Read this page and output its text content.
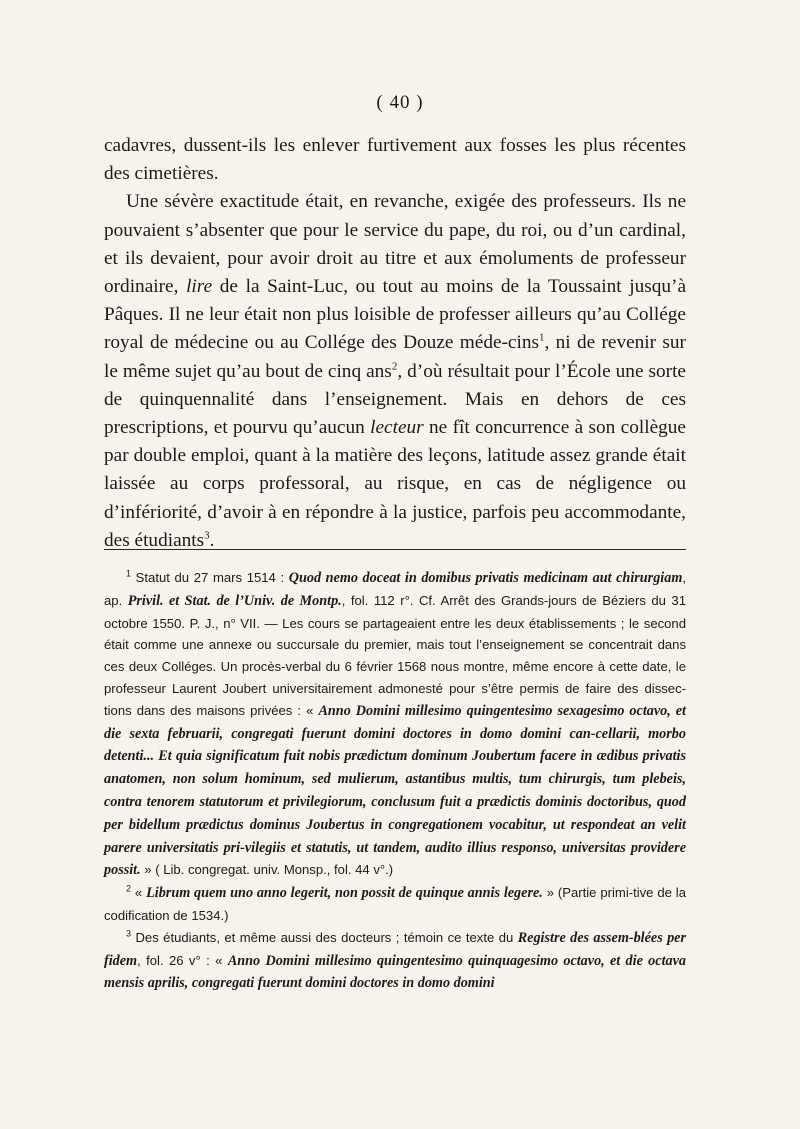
( 40 )

cadavres, dussent-ils les enlever furtivement aux fosses les plus récentes des cimetières.

Une sévère exactitude était, en revanche, exigée des professeurs. Ils ne pouvaient s’absenter que pour le service du pape, du roi, ou d’un cardinal, et ils devaient, pour avoir droit au titre et aux émoluments de professeur ordinaire, lire de la Saint-Luc, ou tout au moins de la Toussaint jusqu’à Pâques. Il ne leur était non plus loisible de professer ailleurs qu’au Collége royal de médecine ou au Collége des Douze méde-cins$^1$, ni de revenir sur le même sujet qu’au bout de cinq ans$^2$, d’où résultait pour l’École une sorte de quinquennalité dans l’enseignement. Mais en dehors de ces prescriptions, et pourvu qu’aucun lecteur ne fît concurrence à son collègue par double emploi, quant à la matière des leçons, latitude assez grande était laissée au corps professoral, au risque, en cas de négligence ou d’infériorité, d’avoir à en répondre à la justice, parfois peu accommodante, des étudiants$^3$.

$^1$ Statut du 27 mars 1514 : Quod nemo doceat in domibus privatis medicinam aut chirurgiam, ap. Privil. et Stat. de l’Univ. de Montp., fol. 112 r°. Cf. Arrêt des Grands-jours de Béziers du 31 octobre 1550. P. J., n° VII. — Les cours se partageaient entre les deux établissements ; le second était comme une annexe ou succursale du premier, mais tout l’enseignement se concentrait dans ces deux Colléges. Un procès-verbal du 6 février 1568 nous montre, même encore à cette date, le professeur Laurent Joubert universitairement admonesté pour s’être permis de faire des dissec-tions dans des maisons privées : « Anno Domini millesimo quingentesimo sexagesimo octavo, et die sexta februarii, congregati fuerunt domini doctores in domo domini can-cellarii, morbo detenti... Et quia significatum fuit nobis prædictum dominum Joubertum facere in ædibus privatis anatomen, non solum hominum, sed mulierum, astantibus multis, tum chirurgis, tum plebeis, contra tenorem statutorum et privilegiorum, conclusum fuit a prædictis dominis doctoribus, quod per bidellum prædictus dominus Joubertus in congregationem vocabitur, ut respondeat an velit parere universitatis pri-vilegiis et statutis, ut tandem, audito illius responso, universitas providere possit. » ( Lib. congregat. univ. Monsp., fol. 44 v°.)

$^2$ « Librum quem uno anno legerit, non possit de quinque annis legere. » (Partie primi-tive de la codification de 1534.)

$^3$ Des étudiants, et même aussi des docteurs ; témoin ce texte du Registre des assem-blées per fidem, fol. 26 v° : « Anno Domini millesimo quingentesimo quinquagesimo octavo, et die octava mensis aprilis, congregati fuerunt domini doctores in domo domini
